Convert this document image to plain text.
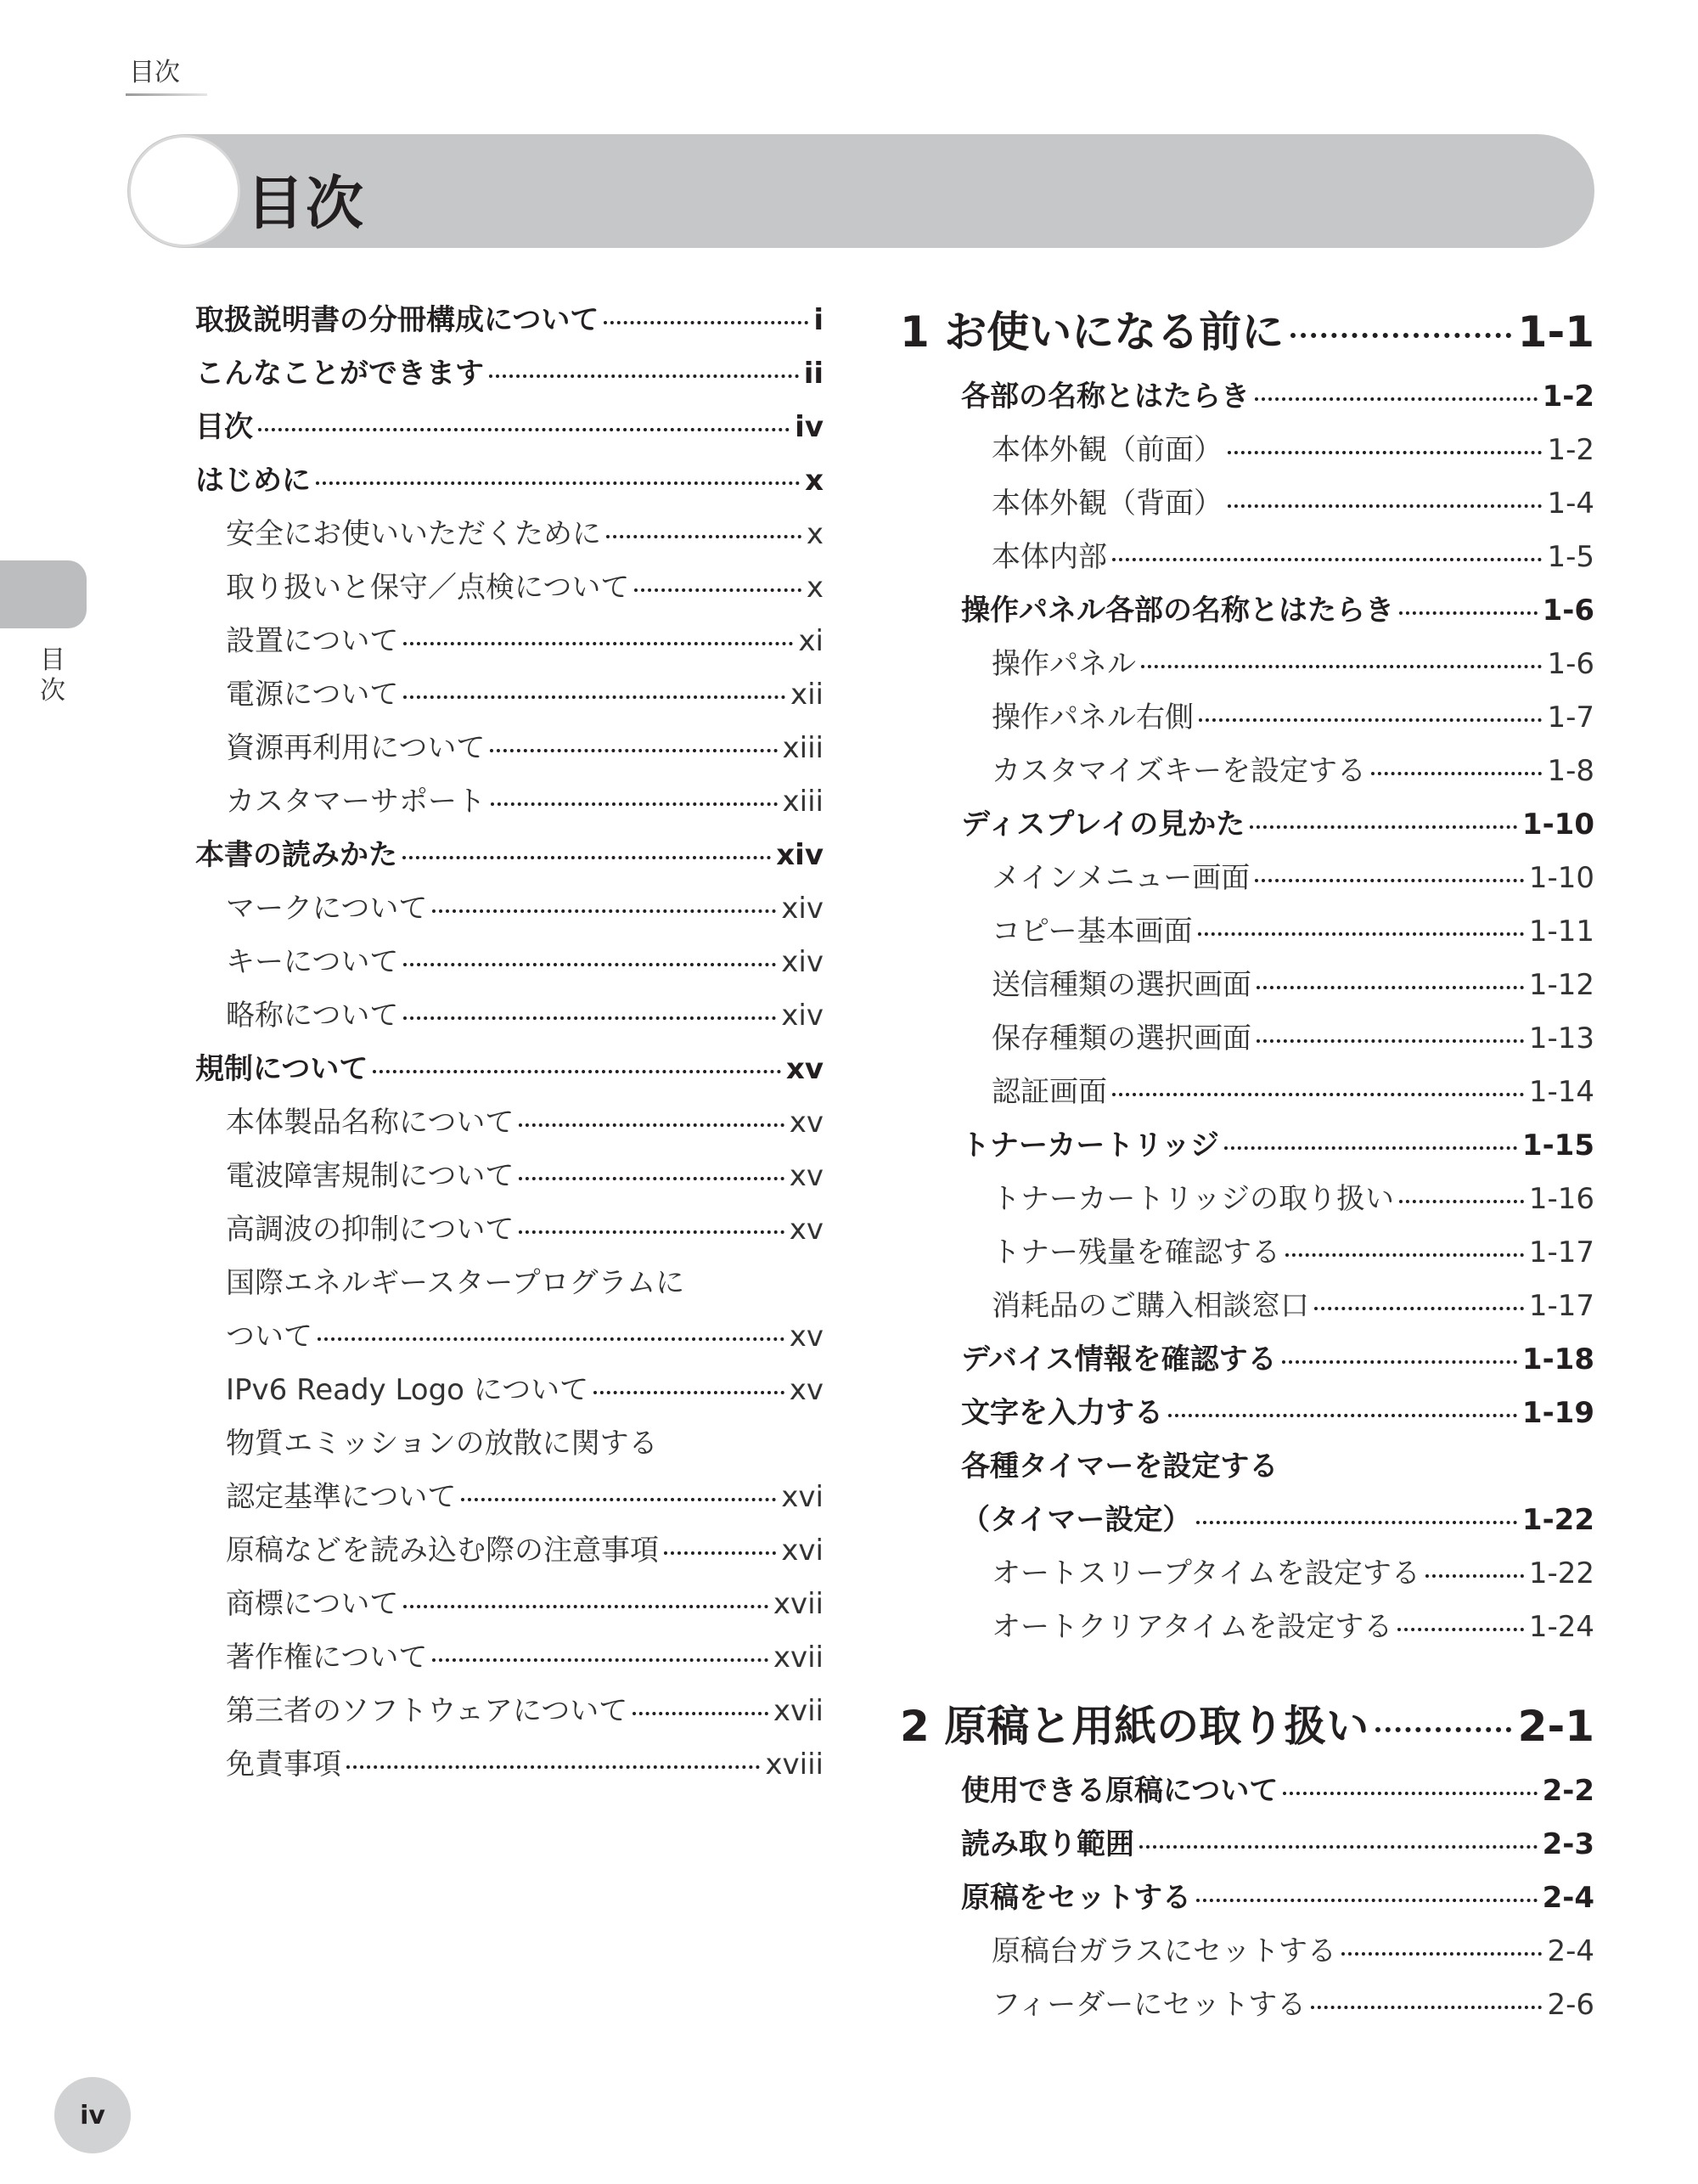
目次
目次
目次
取扱説明書の分冊構成について	i
こんなことができます	ii
目次	iv
はじめに	x
安全にお使いいただくために	x
取り扱いと保守／点検について	x
設置について	xi
電源について	xii
資源再利用について	xiii
カスタマーサポート	xiii
本書の読みかた	xiv
マークについて	xiv
キーについて	xiv
略称について	xiv
規制について	xv
本体製品名称について	xv
電波障害規制について	xv
高調波の抑制について	xv
国際エネルギースタープログラムに
ついて	xv
IPv6 Ready Logo について	xv
物質エミッションの放散に関する
認定基準について	xvi
原稿などを読み込む際の注意事項	xvi
商標について	xvii
著作権について	xvii
第三者のソフトウェアについて	xvii
免責事項	xviii
1 お使いになる前に	1-1
各部の名称とはたらき	1-2
本体外観（前面）	1-2
本体外観（背面）	1-4
本体内部	1-5
操作パネル各部の名称とはたらき	1-6
操作パネル	1-6
操作パネル右側	1-7
カスタマイズキーを設定する	1-8
ディスプレイの見かた	1-10
メインメニュー画面	1-10
コピー基本画面	1-11
送信種類の選択画面	1-12
保存種類の選択画面	1-13
認証画面	1-14
トナーカートリッジ	1-15
トナーカートリッジの取り扱い	1-16
トナー残量を確認する	1-17
消耗品のご購入相談窓口	1-17
デバイス情報を確認する	1-18
文字を入力する	1-19
各種タイマーを設定する
（タイマー設定）	1-22
オートスリープタイムを設定する	1-22
オートクリアタイムを設定する	1-24
2 原稿と用紙の取り扱い	2-1
使用できる原稿について	2-2
読み取り範囲	2-3
原稿をセットする	2-4
原稿台ガラスにセットする	2-4
フィーダーにセットする	2-6
iv
